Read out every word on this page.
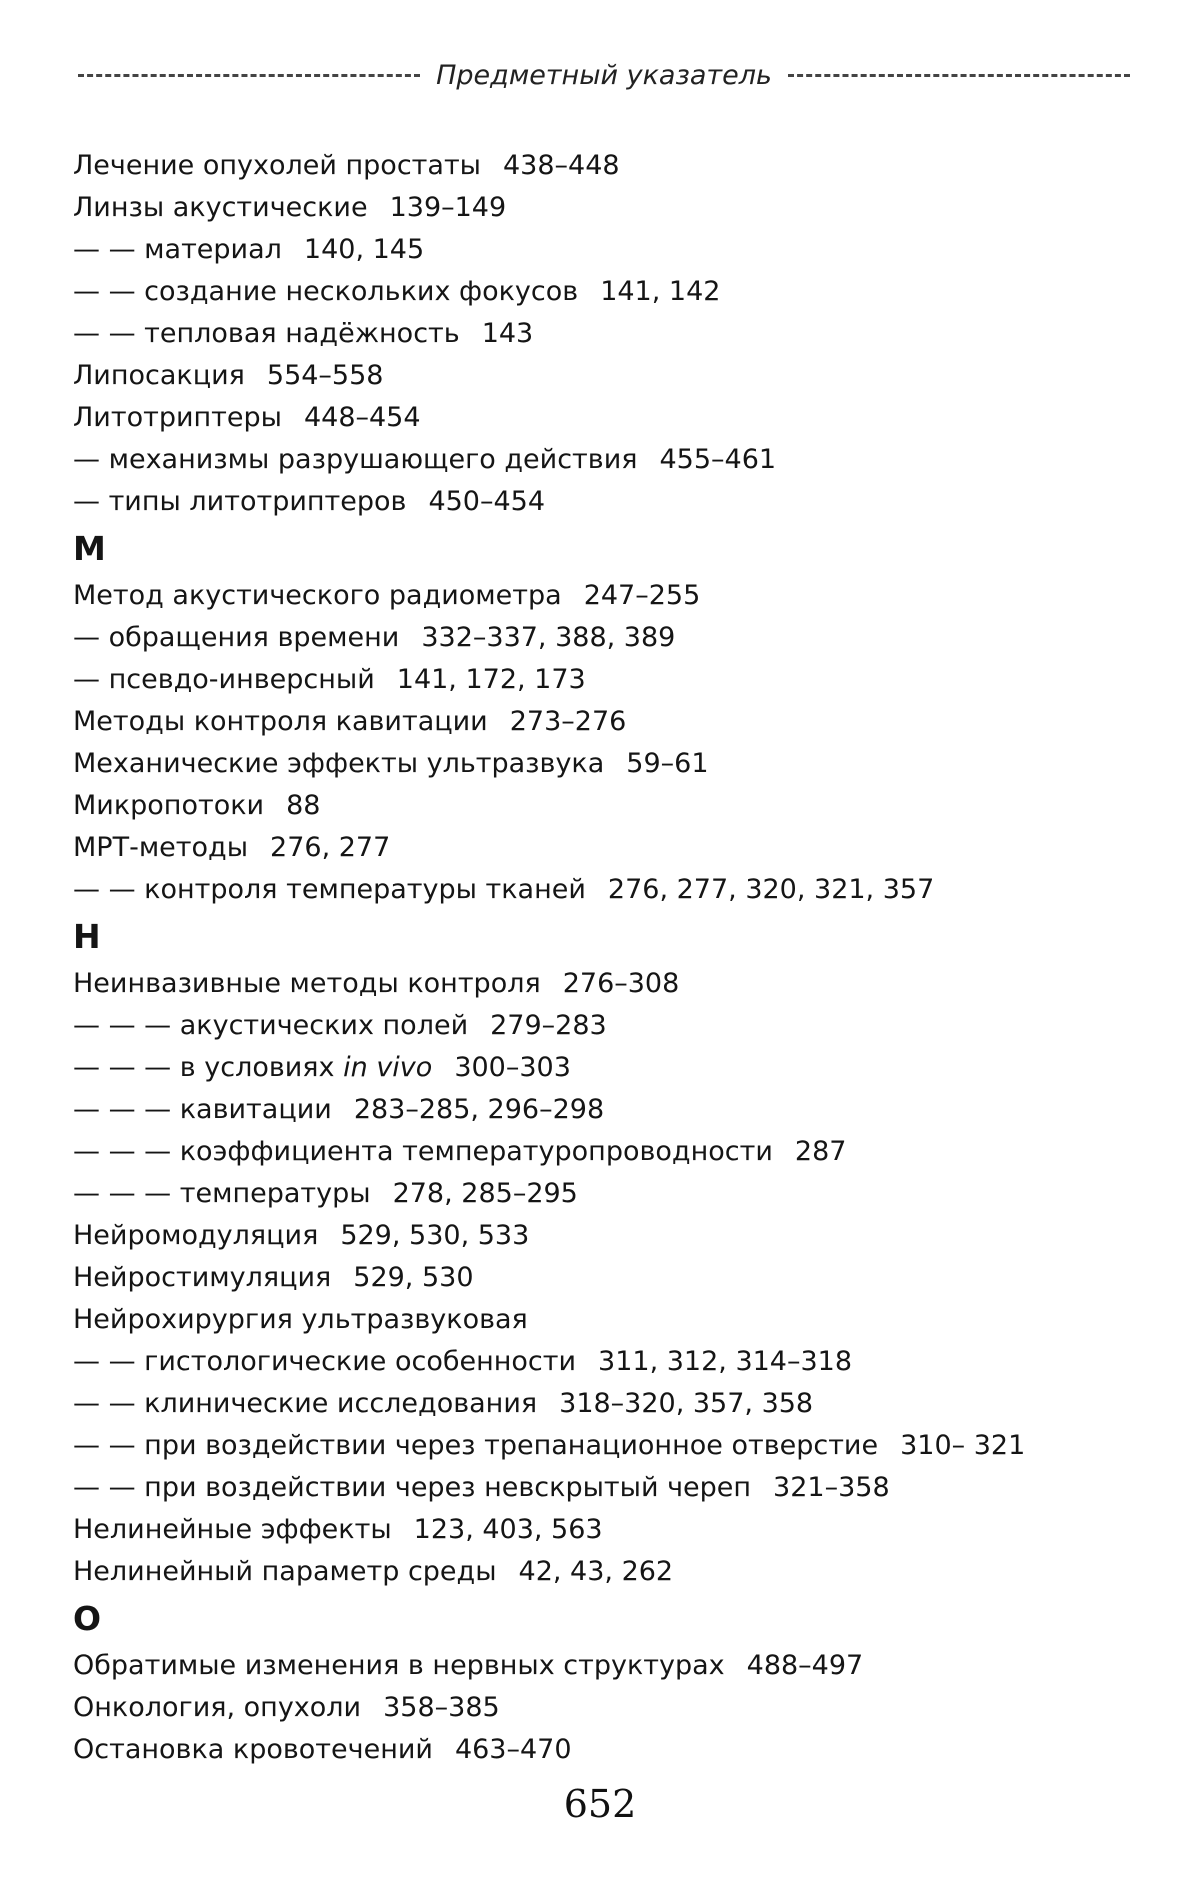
Предметный указатель
Лечение опухолей простаты 438–448
Линзы акустические 139–149
— — материал 140, 145
— — создание нескольких фокусов 141, 142
— — тепловая надёжность 143
Липосакция 554–558
Литотриптеры 448–454
— механизмы разрушающего действия 455–461
— типы литотриптеров 450–454
М
Метод акустического радиометра 247–255
— обращения времени 332–337, 388, 389
— псевдо-инверсный 141, 172, 173
Методы контроля кавитации 273–276
Механические эффекты ультразвука 59–61
Микропотоки 88
МРТ-методы 276, 277
— — контроля температуры тканей 276, 277, 320, 321, 357
Н
Неинвазивные методы контроля 276–308
— — — акустических полей 279–283
— — — в условиях in vivo 300–303
— — — кавитации 283–285, 296–298
— — — коэффициента температуропроводности 287
— — — температуры 278, 285–295
Нейромодуляция 529, 530, 533
Нейростимуляция 529, 530
Нейрохирургия ультразвуковая
— — гистологические особенности 311, 312, 314–318
— — клинические исследования 318–320, 357, 358
— — при воздействии через трепанационное отверстие 310– 321
— — при воздействии через невскрытый череп 321–358
Нелинейные эффекты 123, 403, 563
Нелинейный параметр среды 42, 43, 262
О
Обратимые изменения в нервных структурах 488–497
Онкология, опухоли 358–385
Остановка кровотечений 463–470
652
